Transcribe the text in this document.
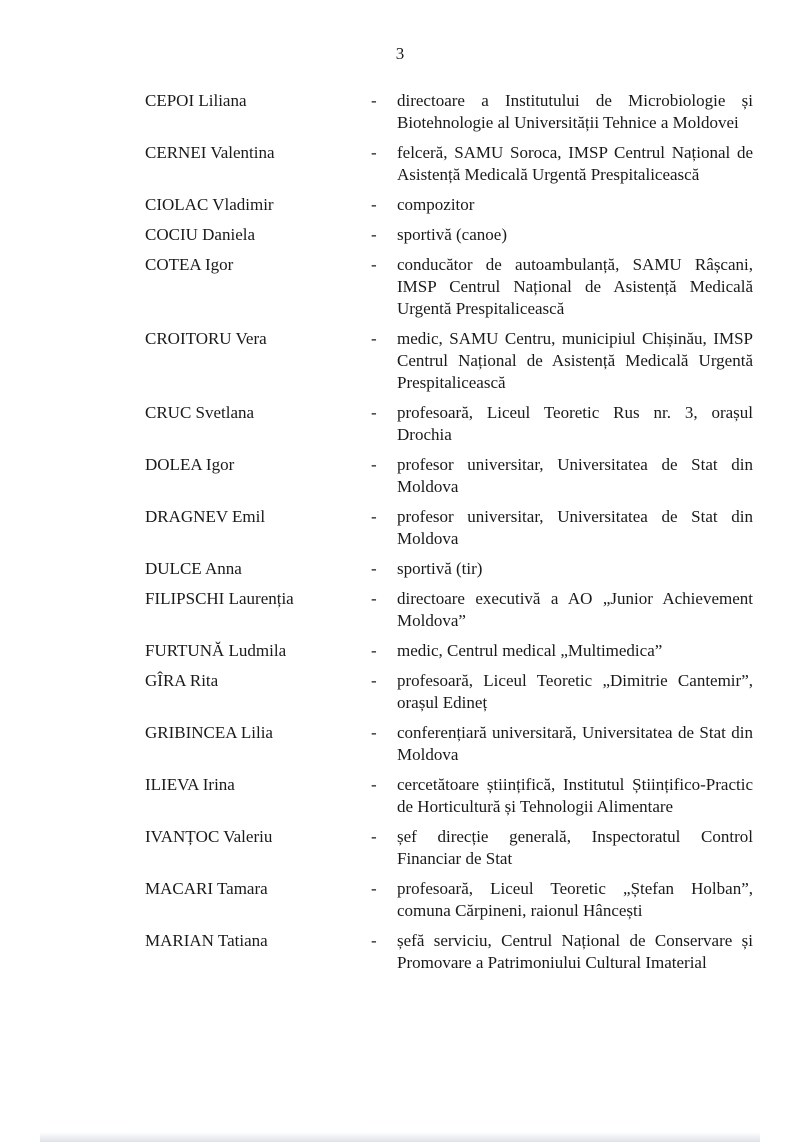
3
CEPOI Liliana	-	directoare a Institutului de Microbiologie și Biotehnologie al Universității Tehnice a Moldovei
CERNEI Valentina	-	felceră, SAMU Soroca, IMSP Centrul Național de Asistență Medicală Urgentă Prespitalicească
CIOLAC Vladimir	-	compozitor
COCIU Daniela	-	sportivă (canoe)
COTEA Igor	-	conducător de autoambulanță, SAMU Râșcani, IMSP Centrul Național de Asistență Medicală Urgentă Prespitalicească
CROITORU Vera	-	medic, SAMU Centru, municipiul Chișinău, IMSP Centrul Național de Asistență Medicală Urgentă Prespitalicească
CRUC Svetlana	-	profesoară, Liceul Teoretic Rus nr. 3, orașul Drochia
DOLEA Igor	-	profesor universitar, Universitatea de Stat din Moldova
DRAGNEV Emil	-	profesor universitar, Universitatea de Stat din Moldova
DULCE Anna	-	sportivă (tir)
FILIPSCHI Laurenția	-	directoare executivă a AO „Junior Achievement Moldova”
FURTUNĂ Ludmila	-	medic, Centrul medical „Multimedica”
GÎRA Rita	-	profesoară, Liceul Teoretic „Dimitrie Cantemir”, orașul Edineț
GRIBINCEA Lilia	-	conferențiară universitară, Universitatea de Stat din Moldova
ILIEVA Irina	-	cercetătoare științifică, Institutul Științifico-Practic de Horticultură și Tehnologii Alimentare
IVANȚOC Valeriu	-	șef direcție generală, Inspectoratul Control Financiar de Stat
MACARI Tamara	-	profesoară, Liceul Teoretic „Ștefan Holban”, comuna Cărpineni, raionul Hâncești
MARIAN Tatiana	-	șefă serviciu, Centrul Național de Conservare și Promovare a Patrimoniului Cultural Imaterial
